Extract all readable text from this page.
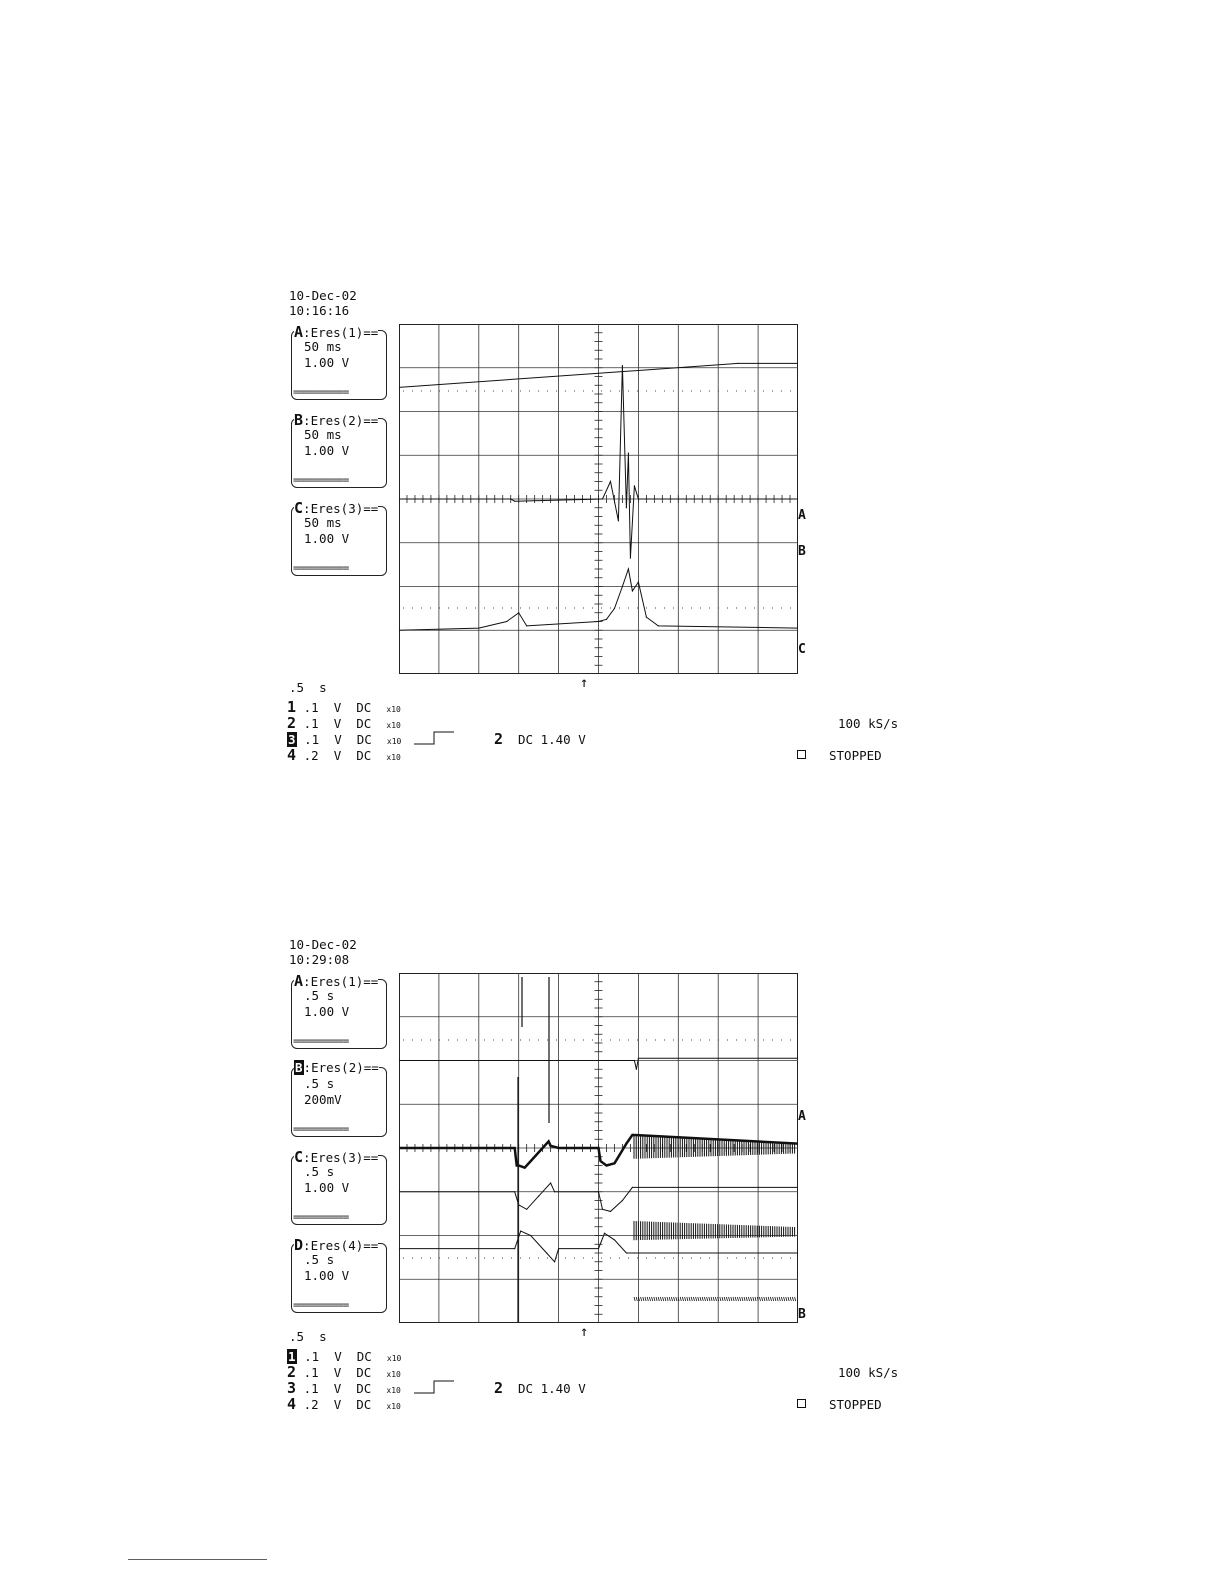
10-Dec-02
10:16:16
A:Eres(1)==
50 ms
1.00 V
===========
B:Eres(2)==
50 ms
1.00 V
===========
C:Eres(3)==
50 ms
1.00 V
===========
A
B
C
↑
.5  s
1 .1 V DC x10
2 .1 V DC x10
3 .1 V DC x10
4 .2 V DC x10
2 DC 1.40 V
100 kS/s
STOPPED
10-Dec-02
10:29:08
A:Eres(1)==
.5 s
1.00 V
===========
B:Eres(2)==
.5 s
200mV
===========
C:Eres(3)==
.5 s
1.00 V
===========
D:Eres(4)==
.5 s
1.00 V
===========
A
B
↑
.5  s
1 .1 V DC x10
2 .1 V DC x10
3 .1 V DC x10
4 .2 V DC x10
2 DC 1.40 V
100 kS/s
STOPPED
